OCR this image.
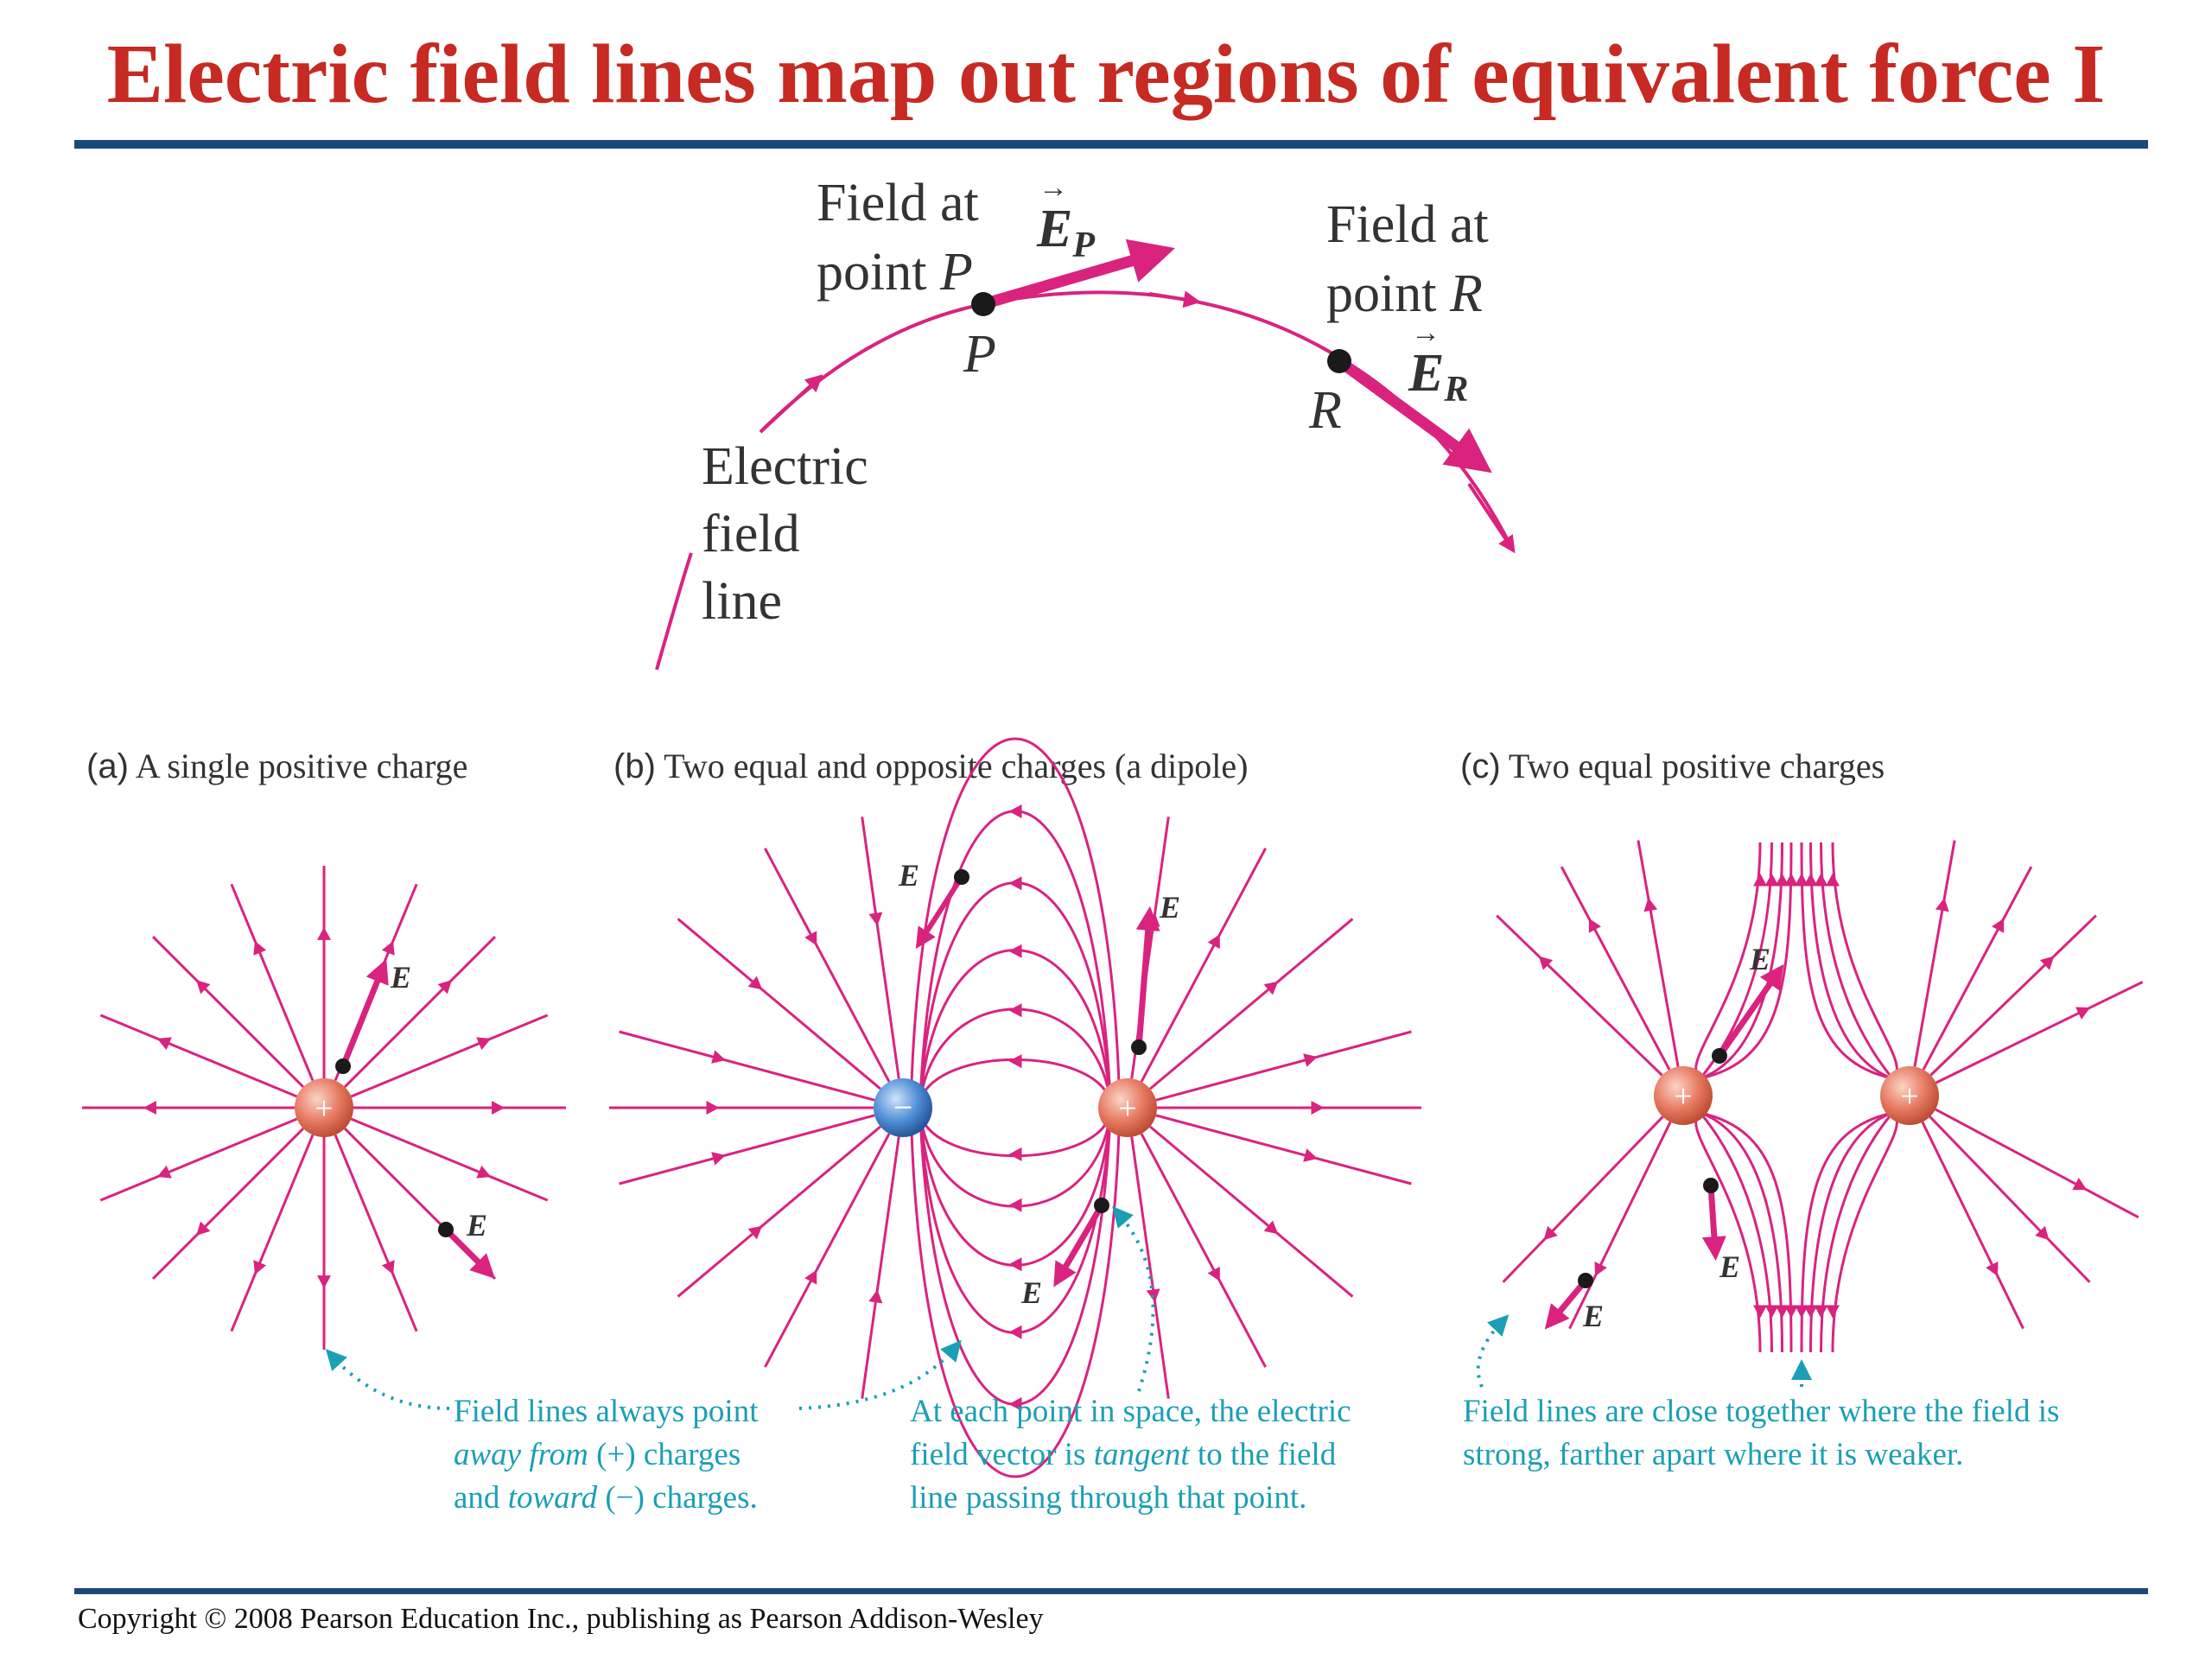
Electric field lines map out regions of equivalent force I
Field at
point P
EP
→
P
Field at
point R
ER
→
R
Electric
field
line
(a) A single positive charge	(b) Two equal and opposite charges (a dipole)	(c) Two equal positive charges
E
E
+
E
E
E
−	+
E
E
E
+	+
Field lines always point
away from (+) charges
and toward (−) charges.
At each point in space, the electric
field vector is tangent to the field
line passing through that point.
Field lines are close together where the field is
strong, farther apart where it is weaker.
Copyright © 2008 Pearson Education Inc., publishing as Pearson Addison-Wesley
